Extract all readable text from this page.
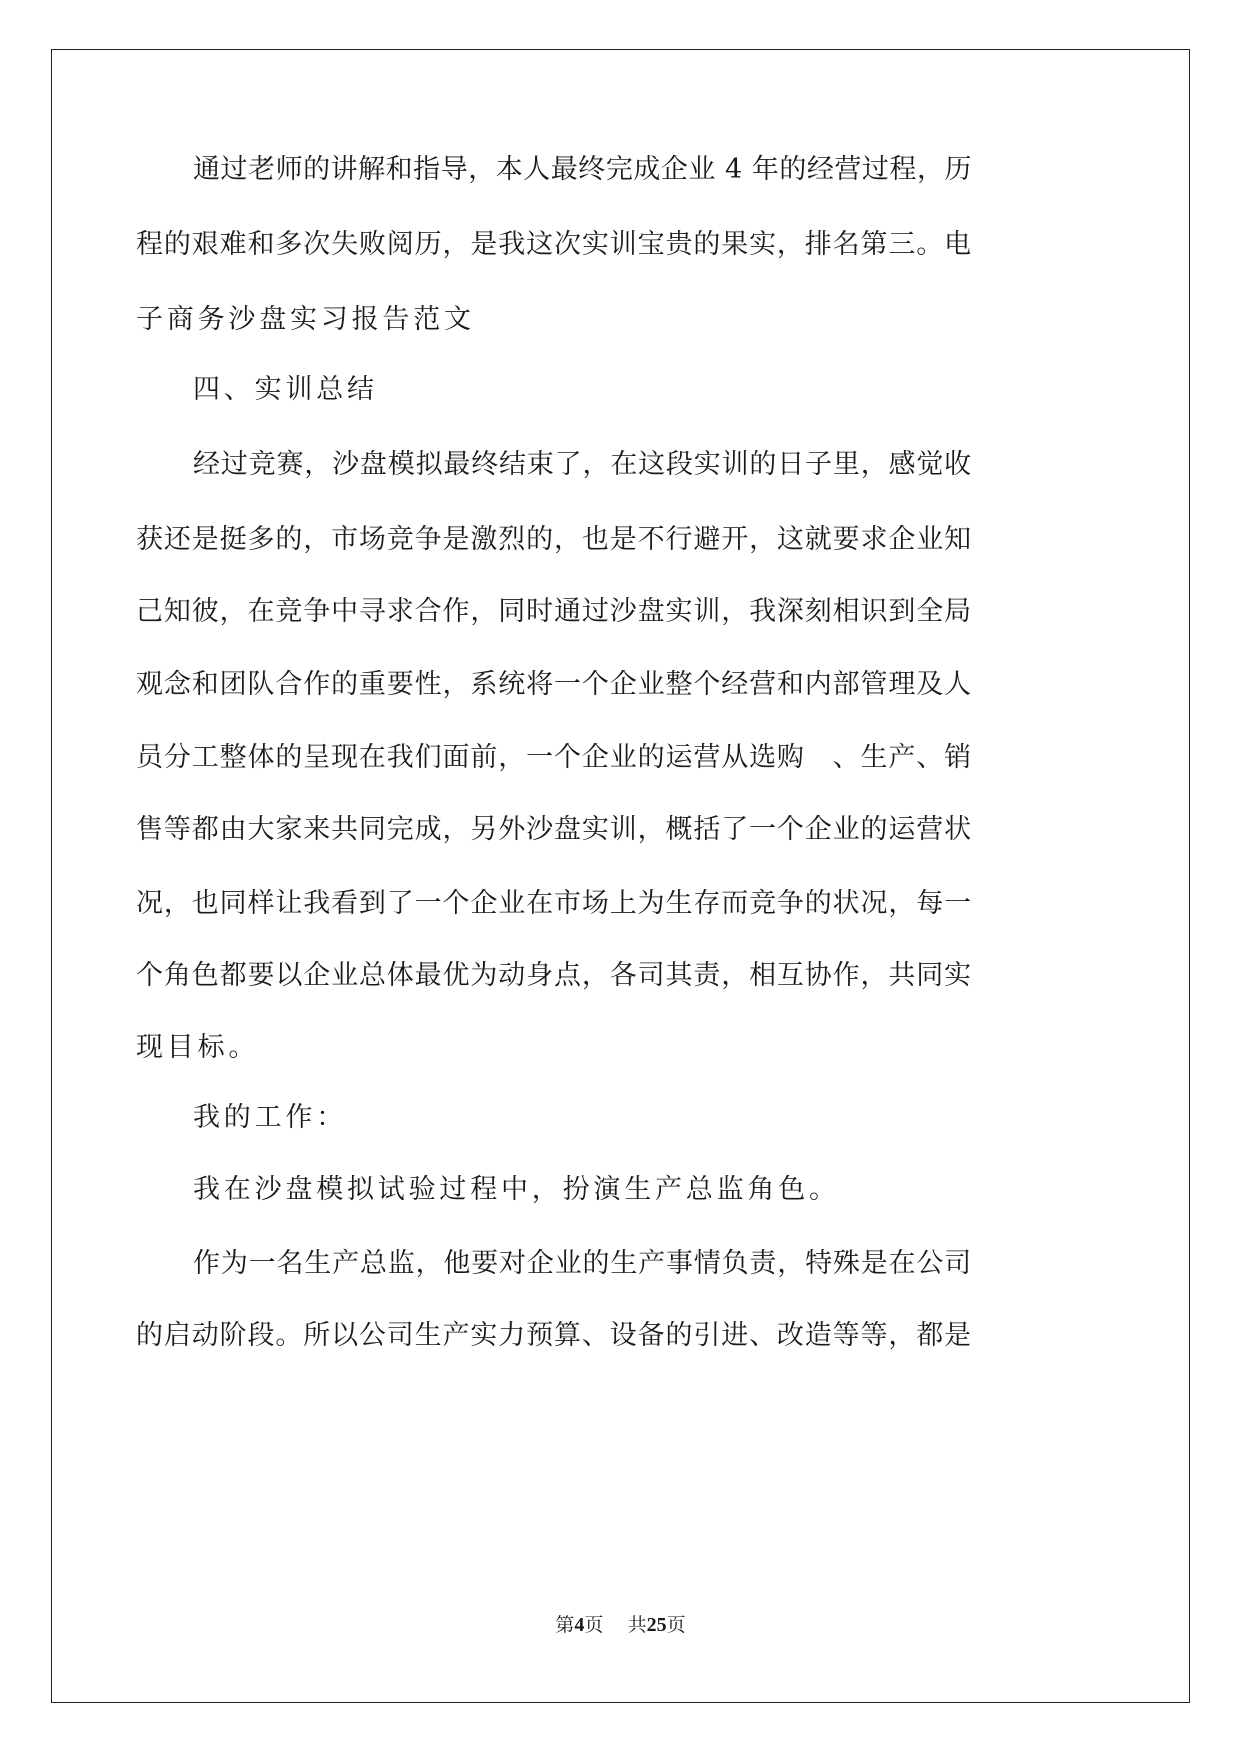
通过老师的讲解和指导，本人最终完成企业 4 年的经营过程，历
程的艰难和多次失败阅历，是我这次实训宝贵的果实，排名第三。电
子商务沙盘实习报告范文
四、实训总结
经过竞赛，沙盘模拟最终结束了，在这段实训的日子里，感觉收
获还是挺多的，市场竞争是激烈的，也是不行避开，这就要求企业知
己知彼，在竞争中寻求合作，同时通过沙盘实训，我深刻相识到全局
观念和团队合作的重要性，系统将一个企业整个经营和内部管理及人
员分工整体的呈现在我们面前，一个企业的运营从选购　、生产、销
售等都由大家来共同完成，另外沙盘实训，概括了一个企业的运营状
况，也同样让我看到了一个企业在市场上为生存而竞争的状况，每一
个角色都要以企业总体最优为动身点，各司其责，相互协作，共同实
现目标。
我的工作：
我在沙盘模拟试验过程中，扮演生产总监角色。
作为一名生产总监，他要对企业的生产事情负责，特殊是在公司
的启动阶段。所以公司生产实力预算、设备的引进、改造等等，都是
第4页 共25页
